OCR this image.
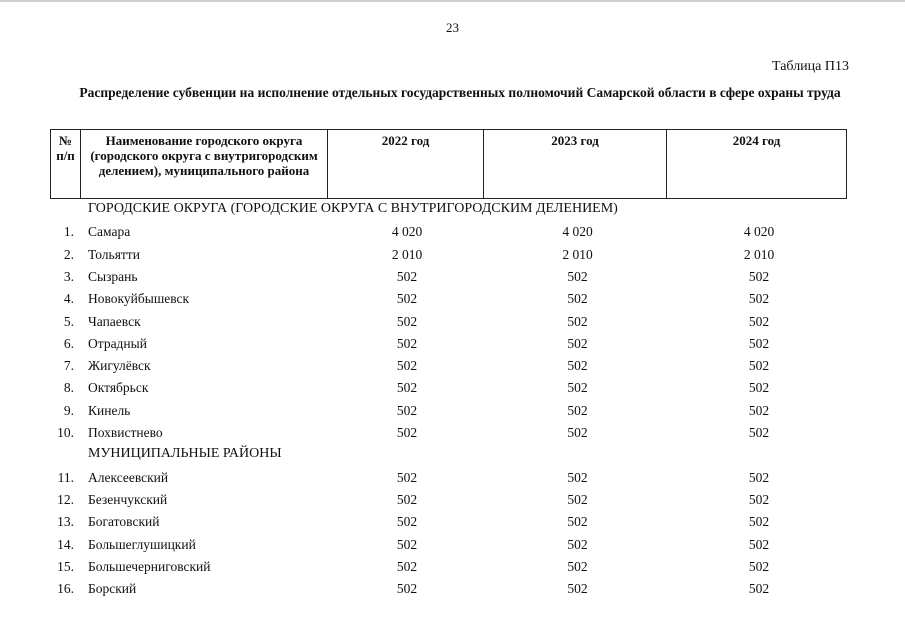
23
Таблица П13
Распределение субвенции на исполнение отдельных государственных полномочий Самарской области в сфере охраны труда
№ п/п	Наименование городского округа (городского округа с внутригородским делением), муниципального района	2022 год	2023 год	2024 год
ГОРОДСКИЕ ОКРУГА (ГОРОДСКИЕ ОКРУГА С ВНУТРИГОРОДСКИМ ДЕЛЕНИЕМ)
1. Самара	4 020	4 020	4 020
2. Тольятти	2 010	2 010	2 010
3. Сызрань	502	502	502
4. Новокуйбышевск	502	502	502
5. Чапаевск	502	502	502
6. Отрадный	502	502	502
7. Жигулёвск	502	502	502
8. Октябрьск	502	502	502
9. Кинель	502	502	502
10. Похвистнево	502	502	502
МУНИЦИПАЛЬНЫЕ РАЙОНЫ
11. Алексеевский	502	502	502
12. Безенчукский	502	502	502
13. Богатовский	502	502	502
14. Большеглушицкий	502	502	502
15. Большечерниговский	502	502	502
16. Борский	502	502	502
